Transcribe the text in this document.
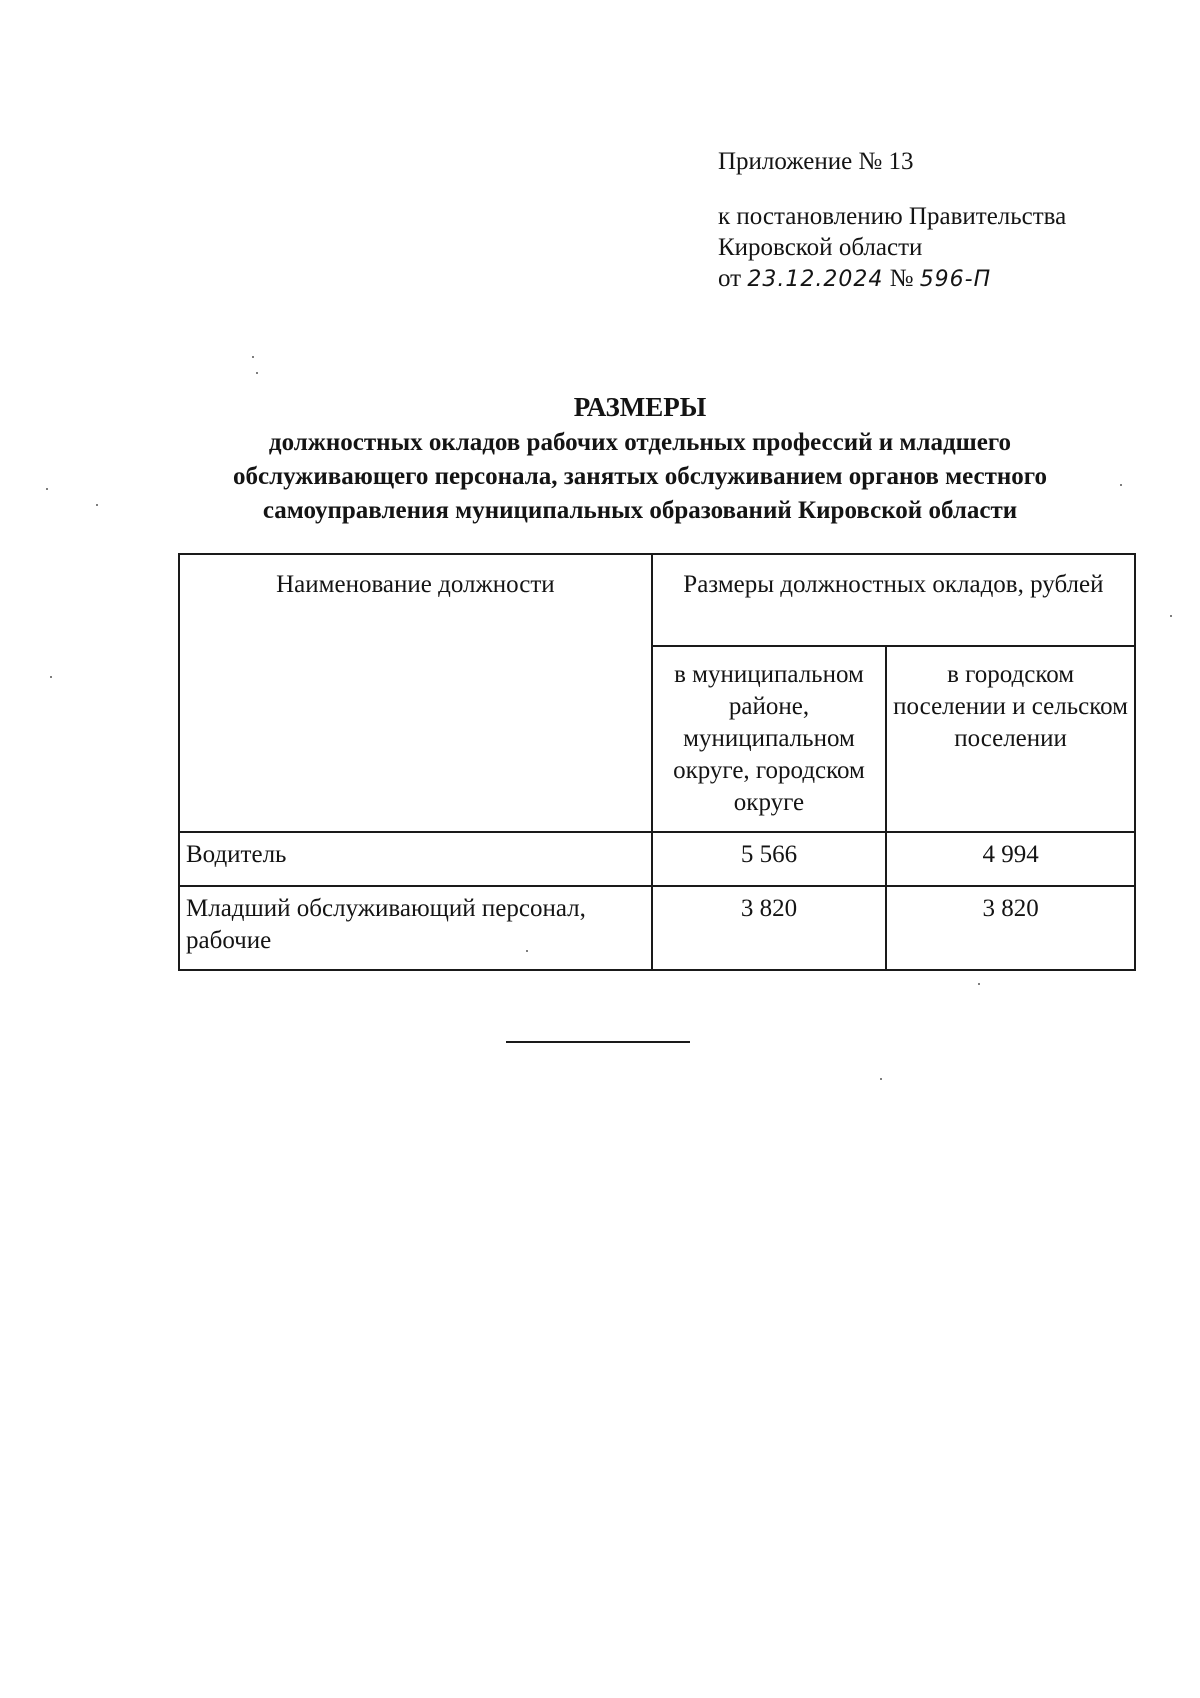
Приложение № 13
к постановлению Правительства
Кировской области
от 23.12.2024 № 596-П
РАЗМЕРЫ
должностных окладов рабочих отдельных профессий и младшего
обслуживающего персонала, занятых обслуживанием органов местного
самоуправления муниципальных образований Кировской области
Наименование должности	Размеры должностных окладов, рублей	
	в муниципальном районе, муниципальном округе, городском округе	в городском поселении и сельском поселении
Водитель	5 566	4 994
Младший обслуживающий персонал, рабочие	3 820	3 820
